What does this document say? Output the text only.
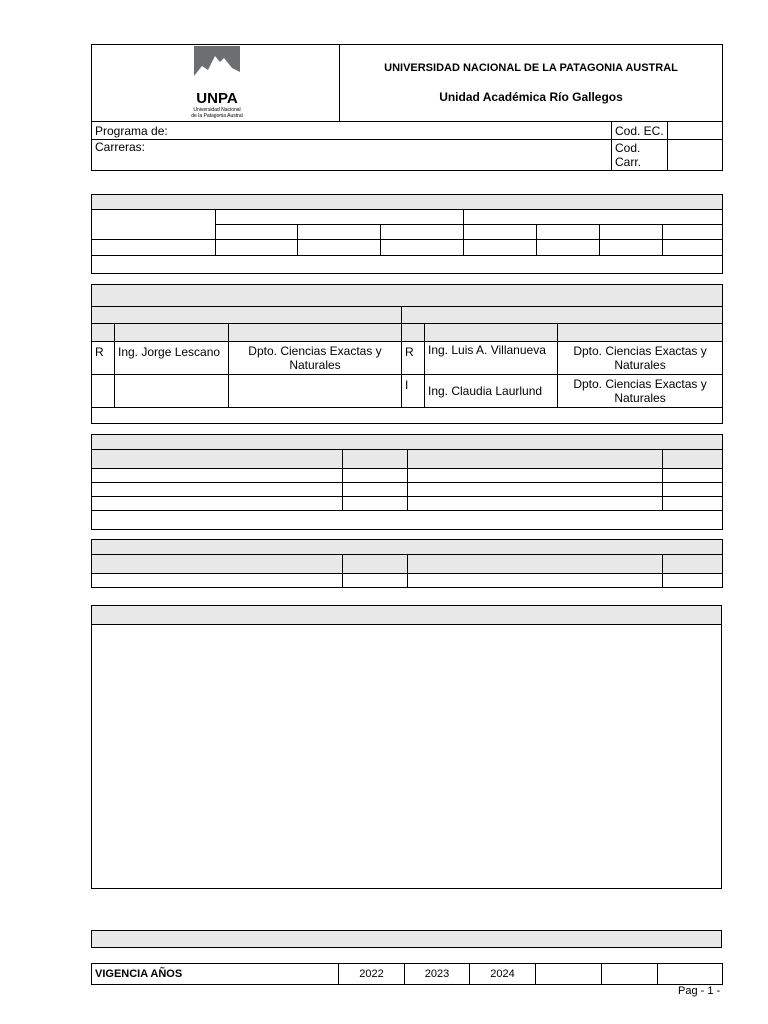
UNPA
Universidad Nacional
de la Patagonia Austral	UNIVERSIDAD NACIONAL DE LA PATAGONIA AUSTRAL
Unidad Académica Río Gallegos		

Programa de:		Cod. EC.	
Carreras:		Cod. Carr.	

R	Ing. Jorge Lescano	Dpto. Ciencias Exactas y Naturales	R	Ing. Luis A. Villanueva	Dpto. Ciencias Exactas y Naturales
			I	Ing. Claudia Laurlund	Dpto. Ciencias Exactas y Naturales

VIGENCIA AÑOS	2022	2023	2024			
Pag - 1 -
